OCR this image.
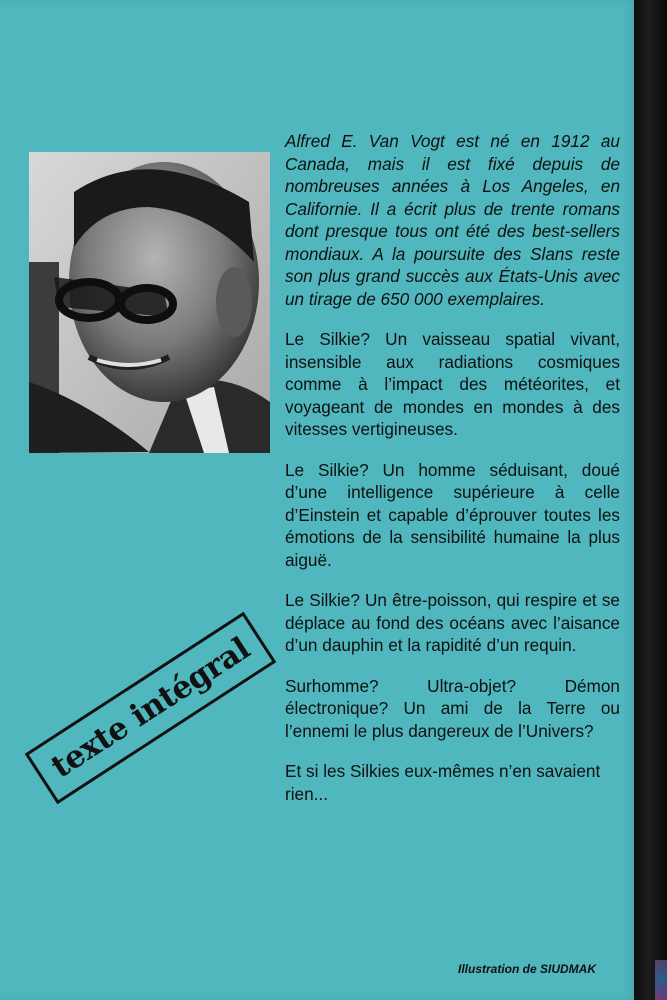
Alfred E. Van Vogt est né en 1912 au Canada, mais il est fixé depuis de nombreuses années à Los Angeles, en Californie. Il a écrit plus de trente romans dont presque tous ont été des best-sellers mondiaux. A la poursuite des Slans reste son plus grand succès aux États-Unis avec un tirage de 650 000 exemplaires.

Le Silkie? Un vaisseau spatial vivant, insensible aux radiations cosmiques comme à l’impact des météorites, et voyageant de mondes en mondes à des vitesses vertigineuses.

Le Silkie? Un homme séduisant, doué d’une intelligence supérieure à celle d’Einstein et capable d’éprouver toutes les émotions de la sensibilité humaine la plus aiguë.

Le Silkie? Un être-poisson, qui respire et se déplace au fond des océans avec l’aisance d’un dauphin et la rapidité d’un requin.

Surhomme? Ultra-objet? Démon électronique? Un ami de la Terre ou l’ennemi le plus dangereux de l’Univers?

Et si les Silkies eux-mêmes n’en savaient rien...

texte intégral
Illustration de SIUDMAK
